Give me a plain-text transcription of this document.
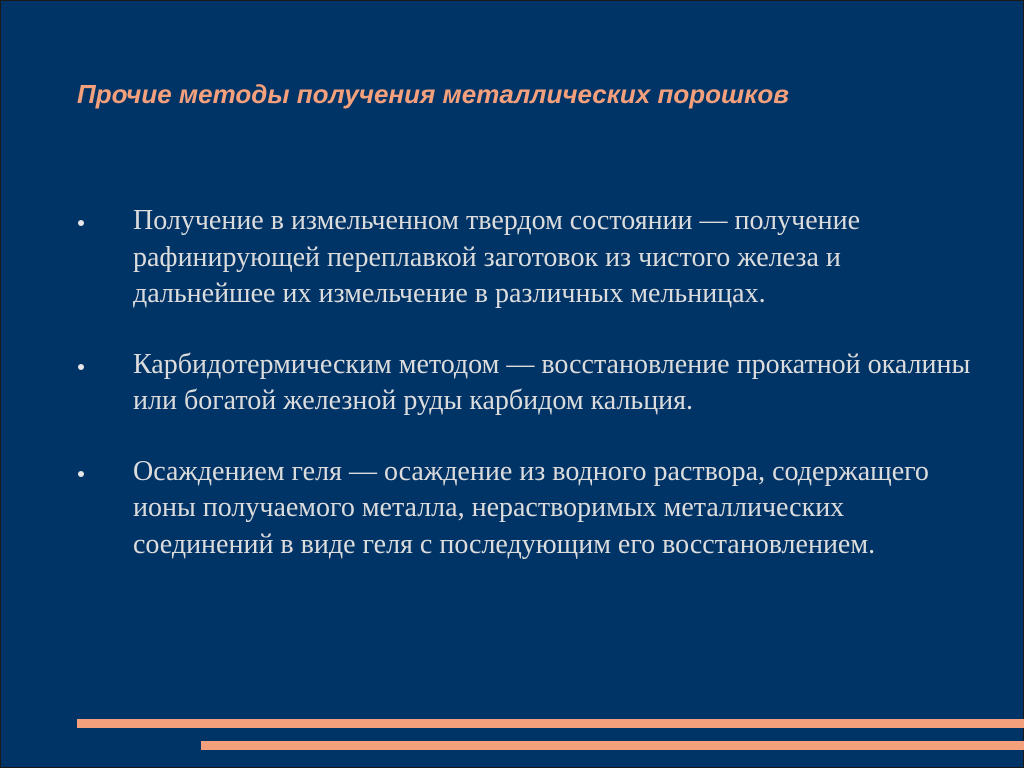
Прочие методы получения металлических порошков
Получение в измельченном твердом состоянии — получение рафинирующей переплавкой заготовок из чистого железа и дальнейшее их измельчение в различных мельницах.
Карбидотермическим методом — восстановление прокатной окалины или богатой железной руды карбидом кальция.
Осаждением геля — осаждение из водного раствора, содержащего ионы получаемого металла, нерастворимых металлических соединений в виде геля с последующим его восстановлением.
